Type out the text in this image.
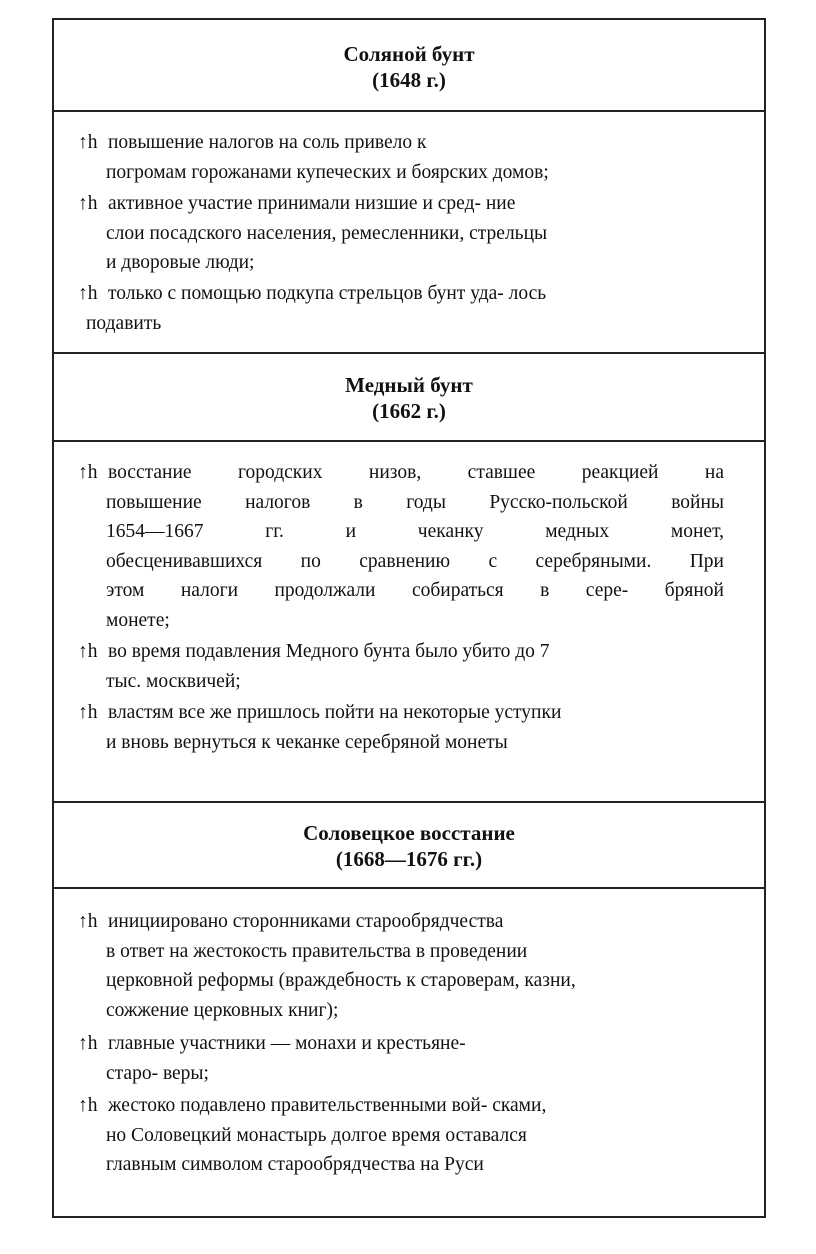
Соляной бунт
(1648 г.)
↑h повышение налогов на соль привело к
погромам горожанами купеческих и боярских домов;
↑h активное участие принимали низшие и сред- ние
слои посадского населения, ремесленники, стрельцы
и дворовые люди;
↑h только с помощью подкупа стрельцов бунт уда- лось
подавить
Медный бунт
(1662 г.)
↑h восстание городских низов, ставшее реакцией на
повышение налогов в годы Русско-польской войны
1654—1667 гг. и чеканку медных монет,
обесценивавшихся по сравнению с серебряными. При
этом налоги продолжали собираться в сере- бряной
монете;
↑h во время подавления Медного бунта было убито до 7
тыс. москвичей;
↑h властям все же пришлось пойти на некоторые уступки
и вновь вернуться к чеканке серебряной монеты
Соловецкое восстание
(1668—1676 гг.)
↑h инициировано сторонниками старообрядчества
в ответ на жестокость правительства в проведении
церковной реформы (враждебность к староверам, казни,
сожжение церковных книг);
↑h главные участники — монахи и крестьяне-
старо- веры;
↑h жестоко подавлено правительственными вой- сками,
но Соловецкий монастырь долгое время оставался
главным символом старообрядчества на Руси
